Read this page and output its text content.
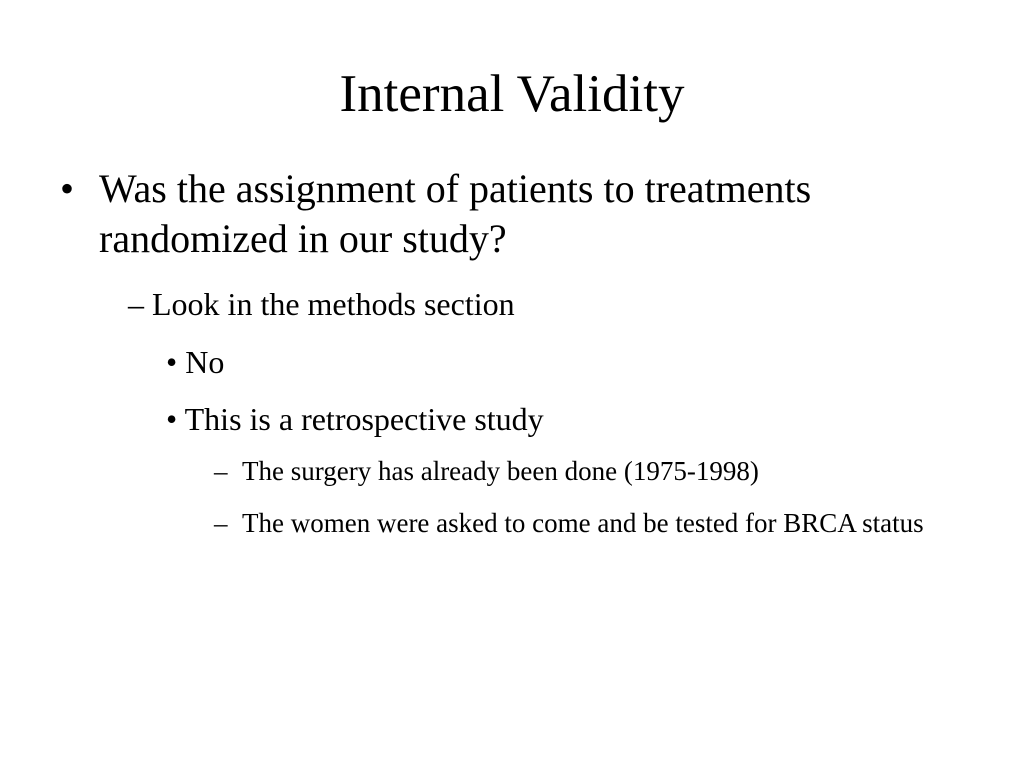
Internal Validity
• Was the assignment of patients to treatments randomized in our study?
– Look in the methods section
• No
• This is a retrospective study
– The surgery has already been done (1975-1998)
– The women were asked to come and be tested for BRCA status
